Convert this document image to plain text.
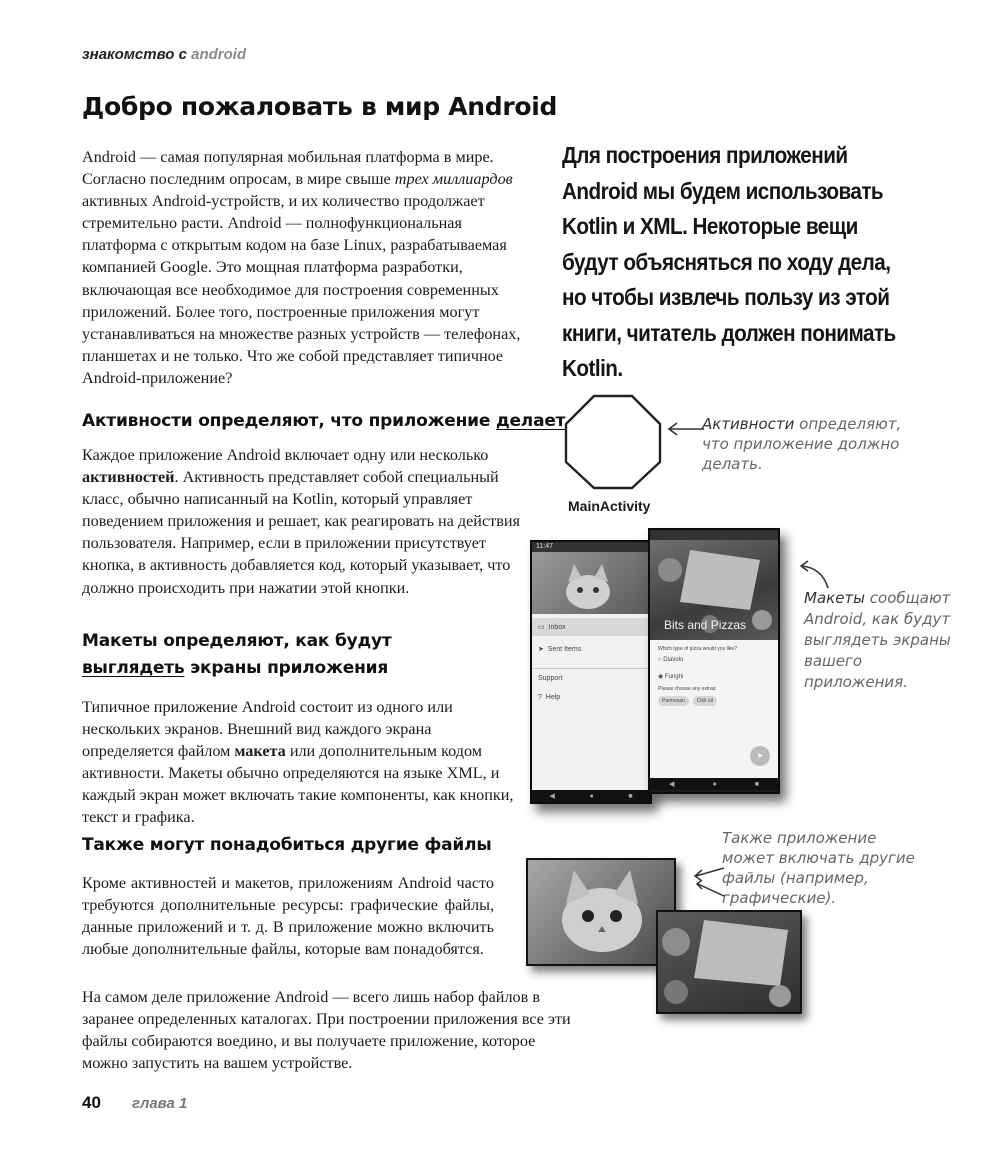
знакомство с android
Добро пожаловать в мир Android

Android — самая популярная мобильная платформа в мире. Согласно последним опросам, в мире свыше трех миллиардов активных Android-устройств, и их количество продолжает стремительно расти. Android — полнофункциональная платформа с открытым кодом на базе Linux, разрабатываемая компанией Google. Это мощная платформа разработки, включающая все необходимое для построения современных приложений. Более того, построенные приложения могут устанавливаться на множестве разных устройств — телефонах, планшетах и не только. Что же собой представляет типичное Android-приложение?

Для построения приложений Android мы будем использовать Kotlin и XML. Некоторые вещи будут объясняться по ходу дела, но чтобы извлечь пользу из этой книги, читатель должен понимать Kotlin.
Активности определяют, что приложение делает

Каждое приложение Android включает одну или несколько активностей. Активность представляет собой специальный класс, обычно написанный на Kotlin, который управляет поведением приложения и решает, как реагировать на действия пользователя. Например, если в приложении присутствует кнопка, в активность добавляется код, который указывает, что должно происходить при нажатии этой кнопки.

MainActivity
Активности определяют, что приложение должно делать.
Макеты определяют, как будут
выглядеть экраны приложения

Типичное приложение Android состоит из одного или нескольких экранов. Внешний вид каждого экрана определяется файлом макета или дополнительным кодом активности. Макеты обычно определяются на языке XML, и каждый экран может включать такие компоненты, как кнопки, текст и графика.

11:47
▭  Inbox
➤  Sent Items
Support
?  Help
◀	●	■
Bits and Pizzas
Which type of pizza would you like?
○ Diavolo
◉ Funghi
Please choose any extras:
Parmesan	Chili oil
➤
◀	●	■
Макеты сообщают Android, как будут выглядеть экраны вашего приложения.
Также могут понадобиться другие файлы

Кроме активностей и макетов, приложениям Android часто требуются дополнительные ресурсы: графические файлы, данные приложений и т. д. В приложение можно включить любые дополнительные файлы, которые вам понадобятся.

Также приложение может включать другие файлы (например, графические).

На самом деле приложение Android — всего лишь набор файлов в заранее определенных каталогах. При построении приложения все эти файлы собираются воедино, и вы получаете приложение, которое можно запустить на вашем устройстве.

40 глава 1
